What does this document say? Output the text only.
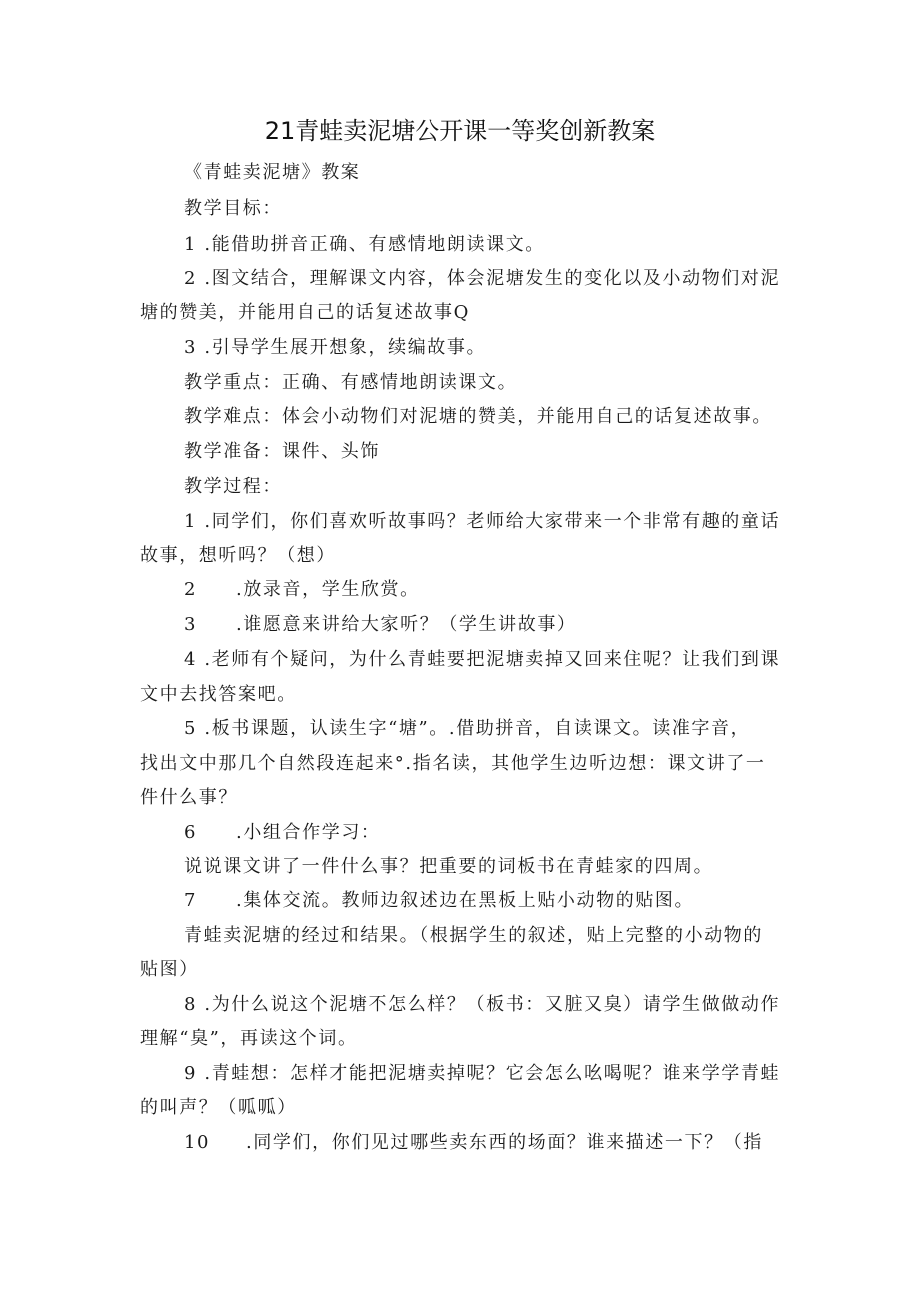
21青蛙卖泥塘公开课一等奖创新教案
《青蛙卖泥塘》教案
教学目标：
1 .能借助拼音正确、有感情地朗读课文。
2 .图文结合，理解课文内容，体会泥塘发生的变化以及小动物们对泥
塘的赞美，并能用自己的话复述故事Q
3 .引导学生展开想象，续编故事。
教学重点：正确、有感情地朗读课文。
教学难点：体会小动物们对泥塘的赞美，并能用自己的话复述故事。
教学准备：课件、头饰
教学过程：
1 .同学们，你们喜欢听故事吗？老师给大家带来一个非常有趣的童话
故事，想听吗？（想）
2 .放录音，学生欣赏。
3 .谁愿意来讲给大家听？（学生讲故事）
4 .老师有个疑问，为什么青蛙要把泥塘卖掉又回来住呢？让我们到课
文中去找答案吧。
5 .板书课题，认读生字“塘”。.借助拼音，自读课文。读准字音，
找出文中那几个自然段连起来°.指名读，其他学生边听边想：课文讲了一
件什么事？
6 .小组合作学习：
说说课文讲了一件什么事？把重要的词板书在青蛙家的四周。
7 .集体交流。教师边叙述边在黑板上贴小动物的贴图。
青蛙卖泥塘的经过和结果。（根据学生的叙述，贴上完整的小动物的
贴图）
8 .为什么说这个泥塘不怎么样？（板书：又脏又臭）请学生做做动作
理解“臭”，再读这个词。
9 .青蛙想：怎样才能把泥塘卖掉呢？它会怎么吆喝呢？谁来学学青蛙
的叫声？（呱呱）
10 .同学们，你们见过哪些卖东西的场面？谁来描述一下？（指
